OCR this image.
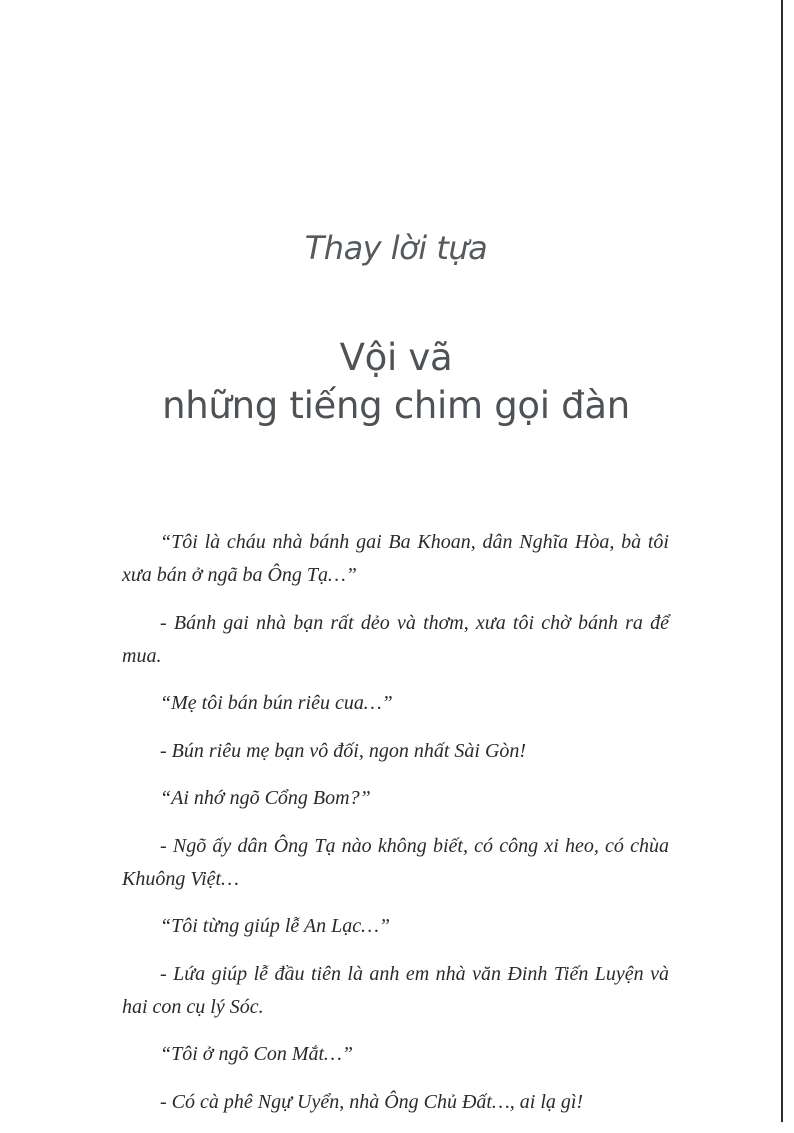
Thay lời tựa
Vội vã
những tiếng chim gọi đàn

“Tôi là cháu nhà bánh gai Ba Khoan, dân Nghĩa Hòa, bà tôi xưa bán ở ngã ba Ông Tạ…”

- Bánh gai nhà bạn rất dẻo và thơm, xưa tôi chờ bánh ra để mua.

“Mẹ tôi bán bún riêu cua…”

- Bún riêu mẹ bạn vô đối, ngon nhất Sài Gòn!

“Ai nhớ ngõ Cổng Bom?”

- Ngõ ấy dân Ông Tạ nào không biết, có công xi heo, có chùa Khuông Việt…

“Tôi từng giúp lễ An Lạc…”

- Lứa giúp lễ đầu tiên là anh em nhà văn Đinh Tiến Luyện và hai con cụ lý Sóc.

“Tôi ở ngõ Con Mắt…”

- Có cà phê Ngự Uyển, nhà Ông Chủ Đất…, ai lạ gì!
